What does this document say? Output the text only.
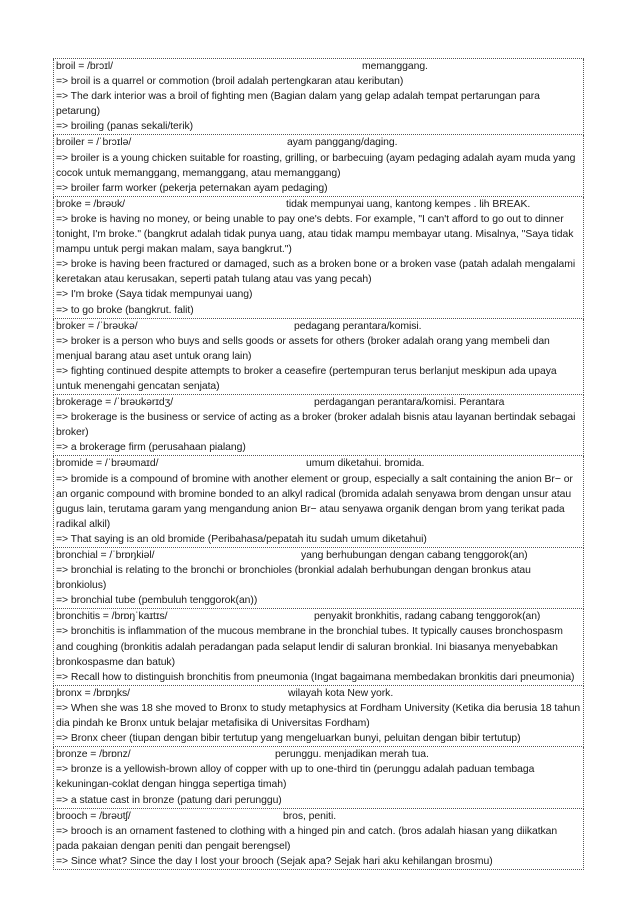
broil = /brɔɪl/	memanggang.
=> broil is a quarrel or commotion (broil adalah pertengkaran atau keributan)
=> The dark interior was a broil of fighting men (Bagian dalam yang gelap adalah tempat pertarungan para petarung)
=> broiling (panas sekali/terik)
broiler = /ˈbrɔɪlə/	ayam panggang/daging.
=> broiler is a young chicken suitable for roasting, grilling, or barbecuing (ayam pedaging adalah ayam muda yang cocok untuk memanggang, memanggang, atau memanggang)
=> broiler farm worker (pekerja peternakan ayam pedaging)
broke = /brəʊk/	tidak mempunyai uang, kantong kempes . lih BREAK.
=> broke is having no money, or being unable to pay one's debts. For example, "I can't afford to go out to dinner tonight, I'm broke." (bangkrut adalah tidak punya uang, atau tidak mampu membayar utang. Misalnya, "Saya tidak mampu untuk pergi makan malam, saya bangkrut.")
=> broke is having been fractured or damaged, such as a broken bone or a broken vase (patah adalah mengalami keretakan atau kerusakan, seperti patah tulang atau vas yang pecah)
=> I'm broke (Saya tidak mempunyai uang)
=> to go broke (bangkrut. falit)
broker = /ˈbrəʊkə/	pedagang perantara/komisi.
=> broker is a person who buys and sells goods or assets for others (broker adalah orang yang membeli dan menjual barang atau aset untuk orang lain)
=> fighting continued despite attempts to broker a ceasefire (pertempuran terus berlanjut meskipun ada upaya untuk menengahi gencatan senjata)
brokerage = /ˈbrəʊkərɪdʒ/	perdagangan perantara/komisi. Perantara
=> brokerage is the business or service of acting as a broker (broker adalah bisnis atau layanan bertindak sebagai broker)
=> a brokerage firm (perusahaan pialang)
bromide = /ˈbrəʊmaɪd/	umum diketahui. bromida.
=> bromide is a compound of bromine with another element or group, especially a salt containing the anion Br− or an organic compound with bromine bonded to an alkyl radical (bromida adalah senyawa brom dengan unsur atau gugus lain, terutama garam yang mengandung anion Br− atau senyawa organik dengan brom yang terikat pada radikal alkil)
=> That saying is an old bromide (Peribahasa/pepatah itu sudah umum diketahui)
bronchial = /ˈbrɒŋkiəl/	yang berhubungan dengan cabang tenggorok(an)
=> bronchial is relating to the bronchi or bronchioles (bronkial adalah berhubungan dengan bronkus atau bronkiolus)
=> bronchial tube (pembuluh tenggorok(an))
bronchitis = /brɒŋˈkaɪtɪs/	penyakit bronkhitis, radang cabang tenggorok(an)
=> bronchitis is inflammation of the mucous membrane in the bronchial tubes. It typically causes bronchospasm and coughing (bronkitis adalah peradangan pada selaput lendir di saluran bronkial. Ini biasanya menyebabkan bronkospasme dan batuk)
=> Recall how to distinguish bronchitis from pneumonia (Ingat bagaimana membedakan bronkitis dari pneumonia)
bronx = /brɒŋks/	wilayah kota New york.
=> When she was 18 she moved to Bronx to study metaphysics at Fordham University (Ketika dia berusia 18 tahun dia pindah ke Bronx untuk belajar metafisika di Universitas Fordham)
=> Bronx cheer (tiupan dengan bibir tertutup yang mengeluarkan bunyi, peluitan dengan bibir tertutup)
bronze = /brɒnz/	perunggu. menjadikan merah tua.
=> bronze is a yellowish-brown alloy of copper with up to one-third tin (perunggu adalah paduan tembaga kekuningan-coklat dengan hingga sepertiga timah)
=> a statue cast in bronze (patung dari perunggu)
brooch = /brəʊtʃ/	bros, peniti.
=> brooch is an ornament fastened to clothing with a hinged pin and catch. (bros adalah hiasan yang diikatkan pada pakaian dengan peniti dan pengait berengsel)
=> Since what? Since the day I lost your brooch (Sejak apa? Sejak hari aku kehilangan brosmu)
